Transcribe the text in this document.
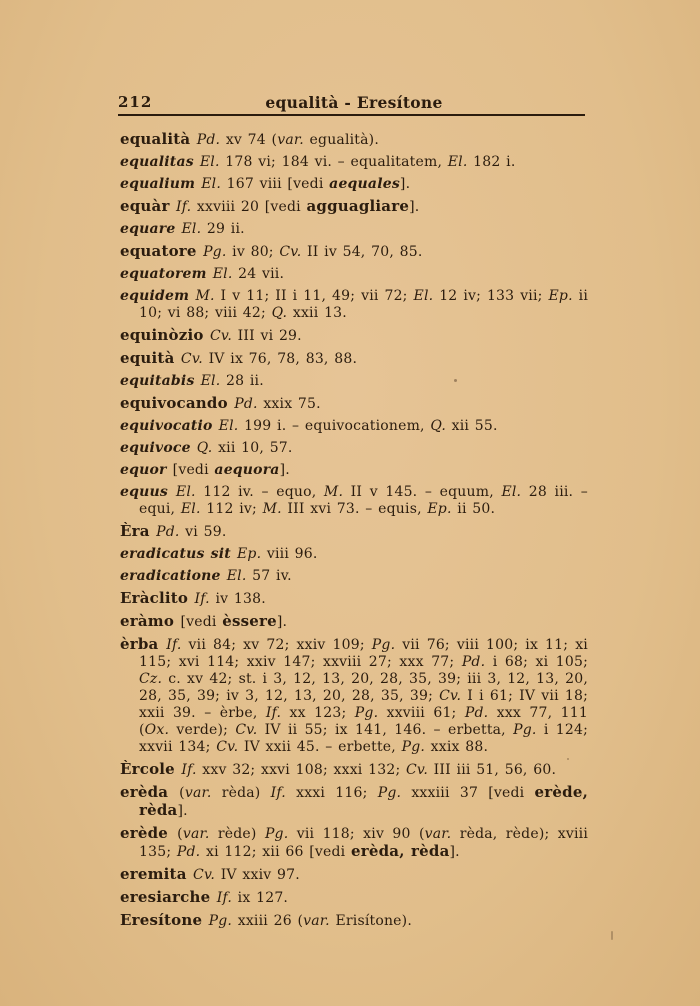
212	equalità - Eresítone

equalità Pd. xv 74 (var. egualità).

equalitas El. 178 vi; 184 vi. – equalitatem, El. 182 i.

equalium El. 167 viii [vedi aequales].

equàr If. xxviii 20 [vedi agguagliare].

equare El. 29 ii.

equatore Pg. iv 80; Cv. II iv 54, 70, 85.

equatorem El. 24 vii.

equidem M. I v 11; II i 11, 49; vii 72; El. 12 iv; 133 vii; Ep. ii 10; vi 88; viii 42; Q. xxii 13.

equinòzio Cv. III vi 29.

equità Cv. IV ix 76, 78, 83, 88.

equitabis El. 28 ii.

equivocando Pd. xxix 75.

equivocatio El. 199 i. – equivocationem, Q. xii 55.

equivoce Q. xii 10, 57.

equor [vedi aequora].

equus El. 112 iv. – equo, M. II v 145. – equum, El. 28 iii. – equi, El. 112 iv; M. III xvi 73. – equis, Ep. ii 50.

Èra Pd. vi 59.

eradicatus sit Ep. viii 96.

eradicatione El. 57 iv.

Eràclito If. iv 138.

eràmo [vedi èssere].

èrba If. vii 84; xv 72; xxiv 109; Pg. vii 76; viii 100; ix 11; xi 115; xvi 114; xxiv 147; xxviii 27; xxx 77; Pd. i 68; xi 105; Cz. c. xv 42; st. i 3, 12, 13, 20, 28, 35, 39; iii 3, 12, 13, 20, 28, 35, 39; iv 3, 12, 13, 20, 28, 35, 39; Cv. I i 61; IV vii 18; xxii 39. – èrbe, If. xx 123; Pg. xxviii 61; Pd. xxx 77, 111 (Ox. verde); Cv. IV ii 55; ix 141, 146. – erbetta, Pg. i 124; xxvii 134; Cv. IV xxii 45. – erbette, Pg. xxix 88.

Èrcole If. xxv 32; xxvi 108; xxxi 132; Cv. III iii 51, 56, 60.

erèda (var. rèda) If. xxxi 116; Pg. xxxiii 37 [vedi erède, rèda].

erède (var. rède) Pg. vii 118; xiv 90 (var. rèda, rède); xviii 135; Pd. xi 112; xii 66 [vedi erèda, rèda].

eremita Cv. IV xxiv 97.

eresiarche If. ix 127.

Eresítone Pg. xxiii 26 (var. Erisítone).
